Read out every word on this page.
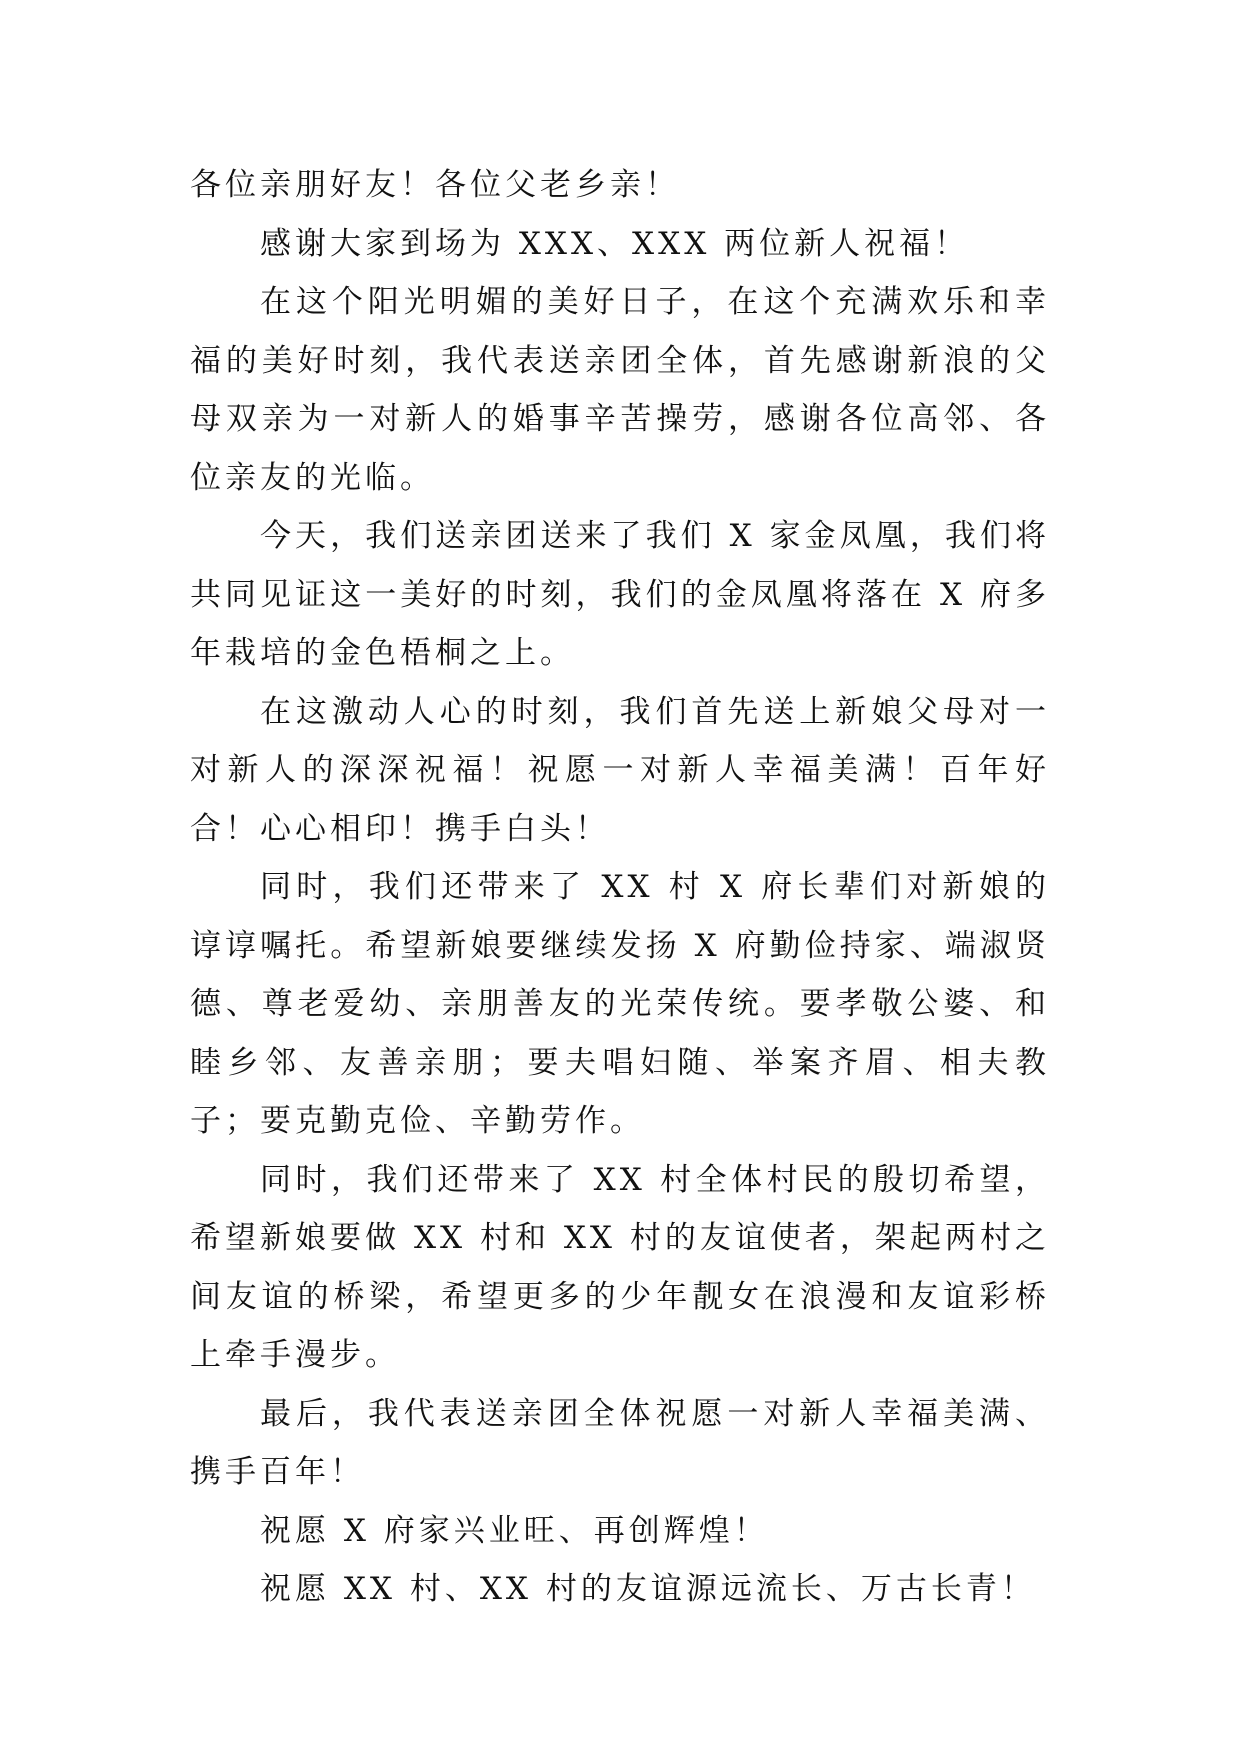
各位亲朋好友！各位父老乡亲！

感谢大家到场为 XXX、XXX 两位新人祝福！

在这个阳光明媚的美好日子，在这个充满欢乐和幸福的美好时刻，我代表送亲团全体，首先感谢新浪的父母双亲为一对新人的婚事辛苦操劳，感谢各位高邻、各位亲友的光临。

今天，我们送亲团送来了我们 X 家金凤凰，我们将共同见证这一美好的时刻，我们的金凤凰将落在 X 府多年栽培的金色梧桐之上。

在这激动人心的时刻，我们首先送上新娘父母对一对新人的深深祝福！祝愿一对新人幸福美满！百年好合！心心相印！携手白头！

同时，我们还带来了 XX 村 X 府长辈们对新娘的谆谆嘱托。希望新娘要继续发扬 X 府勤俭持家、端淑贤德、尊老爱幼、亲朋善友的光荣传统。要孝敬公婆、和睦乡邻、友善亲朋；要夫唱妇随、举案齐眉、相夫教子；要克勤克俭、辛勤劳作。

同时，我们还带来了 XX 村全体村民的殷切希望，希望新娘要做 XX 村和 XX 村的友谊使者，架起两村之间友谊的桥梁，希望更多的少年靓女在浪漫和友谊彩桥上牵手漫步。

最后，我代表送亲团全体祝愿一对新人幸福美满、携手百年！

祝愿 X 府家兴业旺、再创辉煌！

祝愿 XX 村、XX 村的友谊源远流长、万古长青！
